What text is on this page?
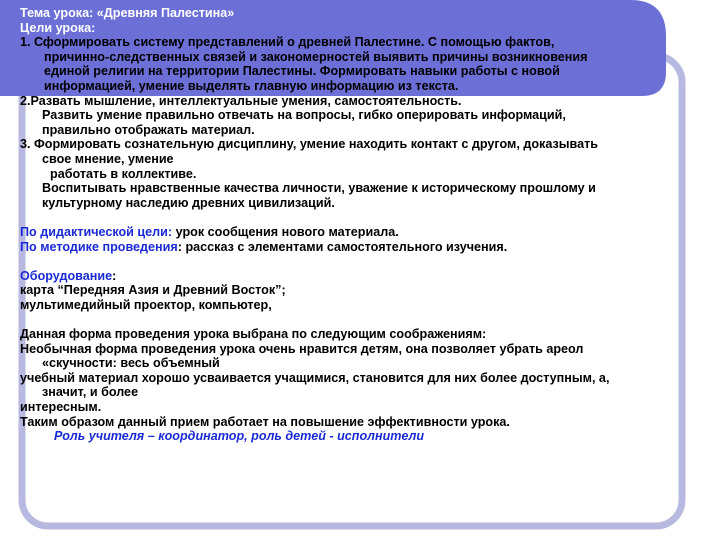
Тема урока: «Древняя Палестина»
Цели урока:
1. Сформировать систему представлений о древней Палестине. С помощью фактов,
причинно-следственных связей и закономерностей выявить причины возникновения
единой религии на территории Палестины. Формировать навыки работы с новой
информацией, умение выделять главную информацию из текста.
2.Развать мышление, интеллектуальные умения, самостоятельность.
Развить умение правильно отвечать на вопросы, гибко оперировать информаций,
правильно отображать материал.
3. Формировать сознательную дисциплину, умение находить контакт с другом, доказывать
свое мнение, умение
работать в коллективе.
Воспитывать нравственные качества личности, уважение к историческому прошлому и
культурному наследию древних цивилизаций.
По дидактической цели: урок сообщения нового материала.
По методике проведения: рассказ с элементами самостоятельного изучения.
Оборудование:
карта “Передняя Азия и Древний Восток”;
мультимедийный проектор, компьютер,
Данная форма проведения урока выбрана по следующим соображениям:
Необычная форма проведения урока очень нравится детям, она позволяет убрать ареол
«скучности: весь объемный
учебный материал хорошо усваивается учащимися, становится для них более доступным, а,
значит, и более
интересным.
Таким образом данный прием работает на повышение эффективности урока.
Роль учителя – координатор, роль детей - исполнители
